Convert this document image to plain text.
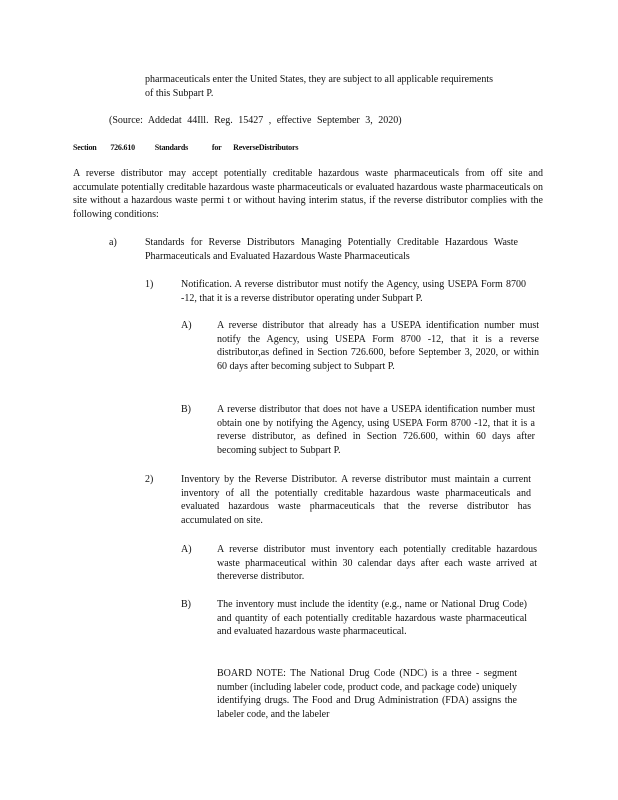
pharmaceuticals enter the United States, they are subject to all applicable requirements of this Subpart P.
(Source: Addedat 44Ill. Reg. 15427 , effective September 3, 2020)
Section 726.610 Standards	for ReverseDistributors
A reverse distributor may accept potentially creditable hazardous waste pharmaceuticals from off site and accumulate potentially creditable hazardous waste pharmaceuticals or evaluated hazardous waste pharmaceuticals on site without a hazardous waste permi t or without having interim status, if the reverse distributor complies with the following conditions:
a)	Standards for Reverse Distributors Managing Potentially Creditable Hazardous Waste Pharmaceuticals and Evaluated Hazardous Waste Pharmaceuticals
1)	Notification. A reverse distributor must notify the Agency, using USEPA Form 8700 -12, that it is a reverse distributor operating under Subpart P.
A)	A reverse distributor that already has a USEPA identification number must notify the Agency, using USEPA Form 8700 -12, that it is a reverse distributor,as defined in Section 726.600, before September 3, 2020, or within 60 days after becoming subject to Subpart P.
B)	A reverse distributor that does not have a USEPA identification number must obtain one by notifying the Agency, using USEPA Form 8700 -12, that it is a reverse distributor, as defined in Section 726.600, within 60 days after becoming subject to Subpart P.
2)	Inventory by the Reverse Distributor. A reverse distributor must maintain a current inventory of all the potentially creditable hazardous waste pharmaceuticals and evaluated hazardous waste pharmaceuticals that the reverse distributor has accumulated on site.
A)	A reverse distributor must inventory each potentially creditable hazardous waste pharmaceutical within 30 calendar days after each waste arrived at thereverse distributor.
B)	The inventory must include the identity (e.g., name or National Drug Code) and quantity of each potentially creditable hazardous waste pharmaceutical and evaluated hazardous waste pharmaceutical.
BOARD NOTE: The National Drug Code (NDC) is a three - segment number (including labeler code, product code, and package code) uniquely identifying drugs. The Food and Drug Administration (FDA) assigns the labeler code, and the labeler
